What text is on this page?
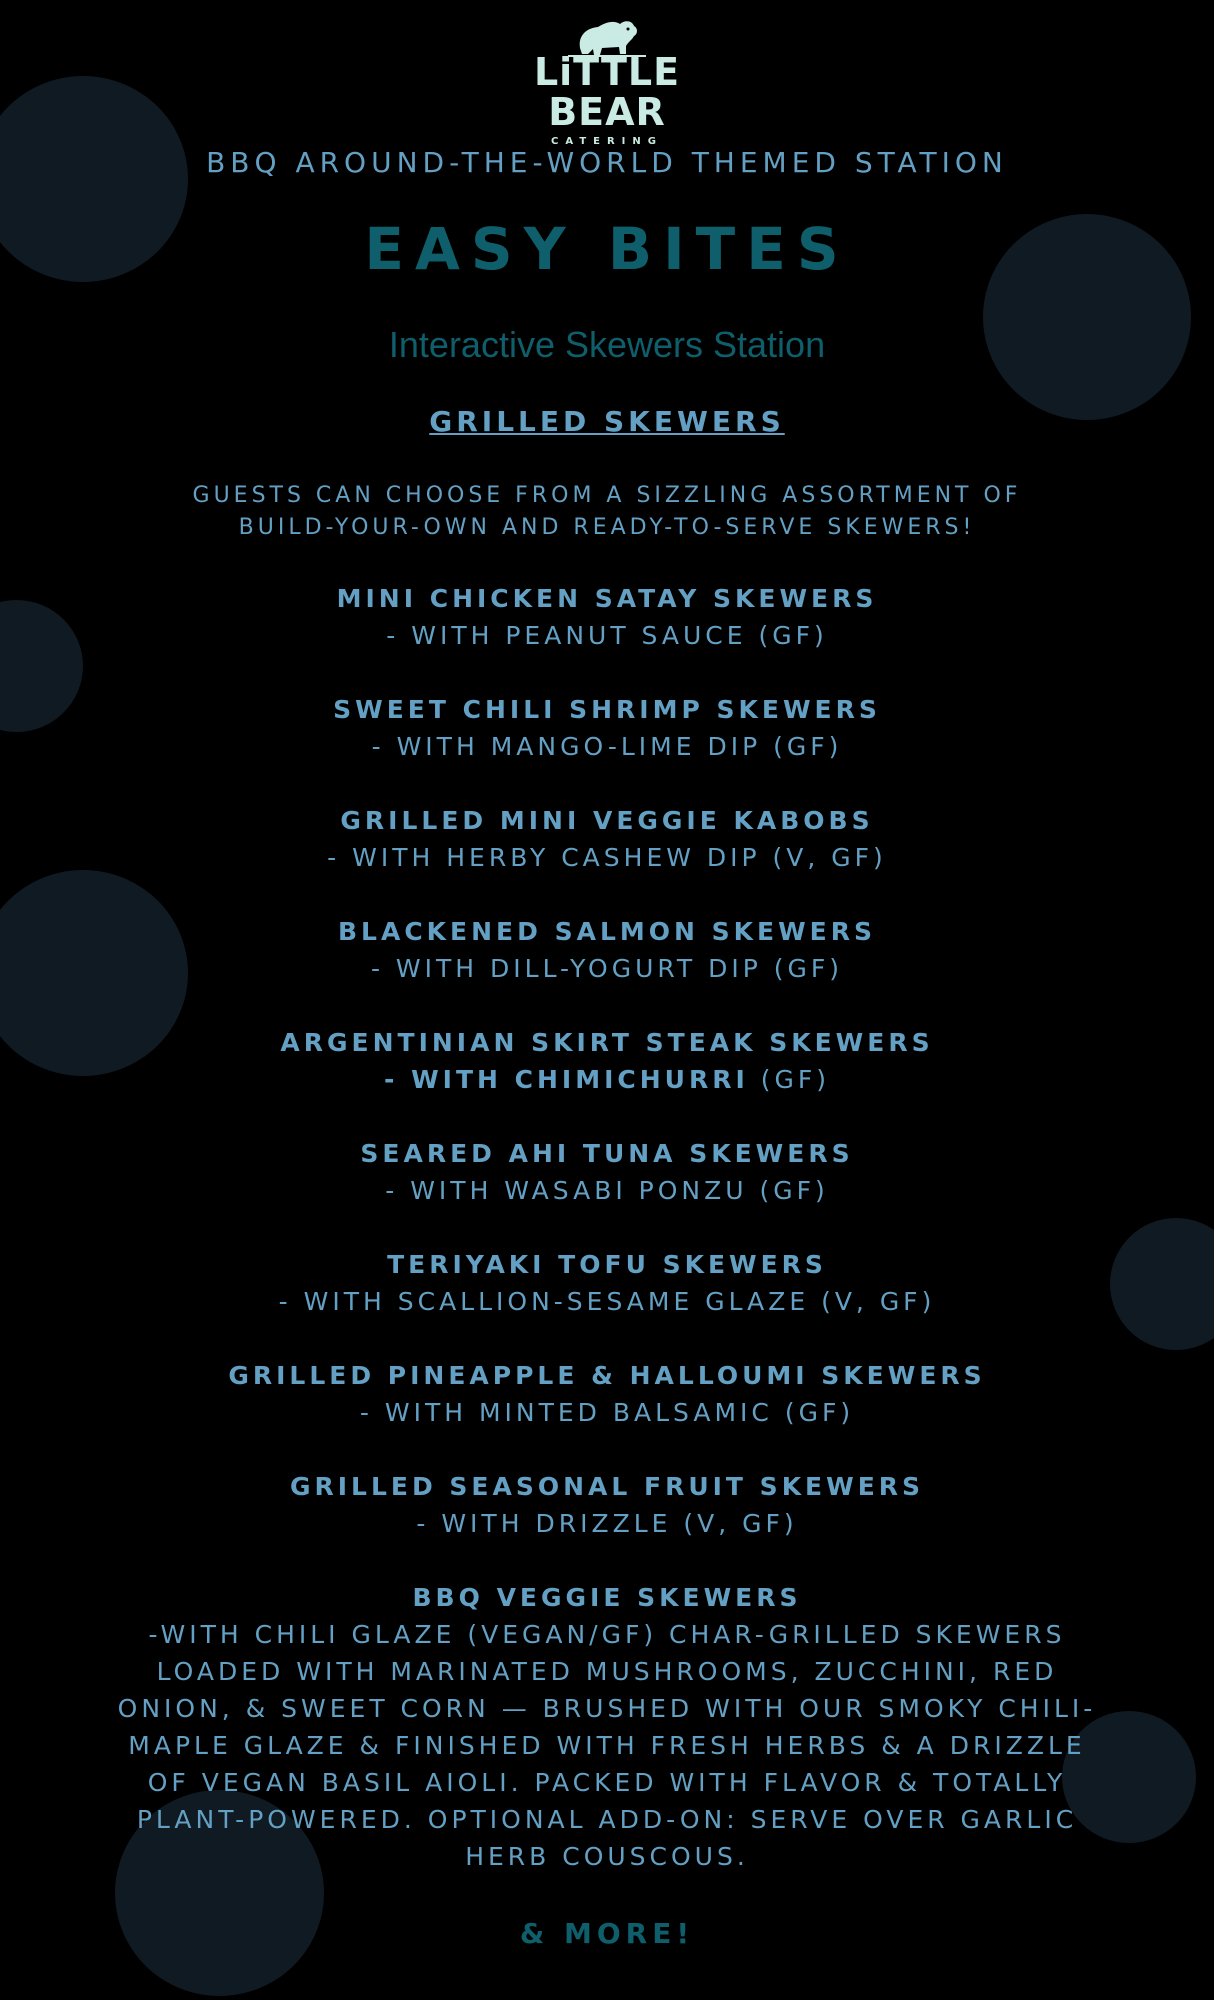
LiTTLE BEAR
CATERING
BBQ AROUND-THE-WORLD THEMED STATION
EASY BITES
Interactive Skewers Station
GRILLED SKEWERS
GUESTS CAN CHOOSE FROM A SIZZLING ASSORTMENT OF BUILD-YOUR-OWN AND READY-TO-SERVE SKEWERS!
MINI CHICKEN SATAY SKEWERS
- WITH PEANUT SAUCE (GF)
SWEET CHILI SHRIMP SKEWERS
- WITH MANGO-LIME DIP (GF)
GRILLED MINI VEGGIE KABOBS
- WITH HERBY CASHEW DIP (V, GF)
BLACKENED SALMON SKEWERS
- WITH DILL-YOGURT DIP (GF)
ARGENTINIAN SKIRT STEAK SKEWERS
- WITH CHIMICHURRI (GF)
SEARED AHI TUNA SKEWERS
- WITH WASABI PONZU (GF)
TERIYAKI TOFU SKEWERS
- WITH SCALLION-SESAME GLAZE (V, GF)
GRILLED PINEAPPLE & HALLOUMI SKEWERS
- WITH MINTED BALSAMIC (GF)
GRILLED SEASONAL FRUIT SKEWERS
- WITH DRIZZLE (V, GF)
BBQ VEGGIE SKEWERS
-WITH CHILI GLAZE (VEGAN/GF) CHAR-GRILLED SKEWERS LOADED WITH MARINATED MUSHROOMS, ZUCCHINI, RED ONION, & SWEET CORN — BRUSHED WITH OUR SMOKY CHILI-MAPLE GLAZE & FINISHED WITH FRESH HERBS & A DRIZZLE OF VEGAN BASIL AIOLI. PACKED WITH FLAVOR & TOTALLY PLANT-POWERED. OPTIONAL ADD-ON: SERVE OVER GARLIC HERB COUSCOUS.
& MORE!
